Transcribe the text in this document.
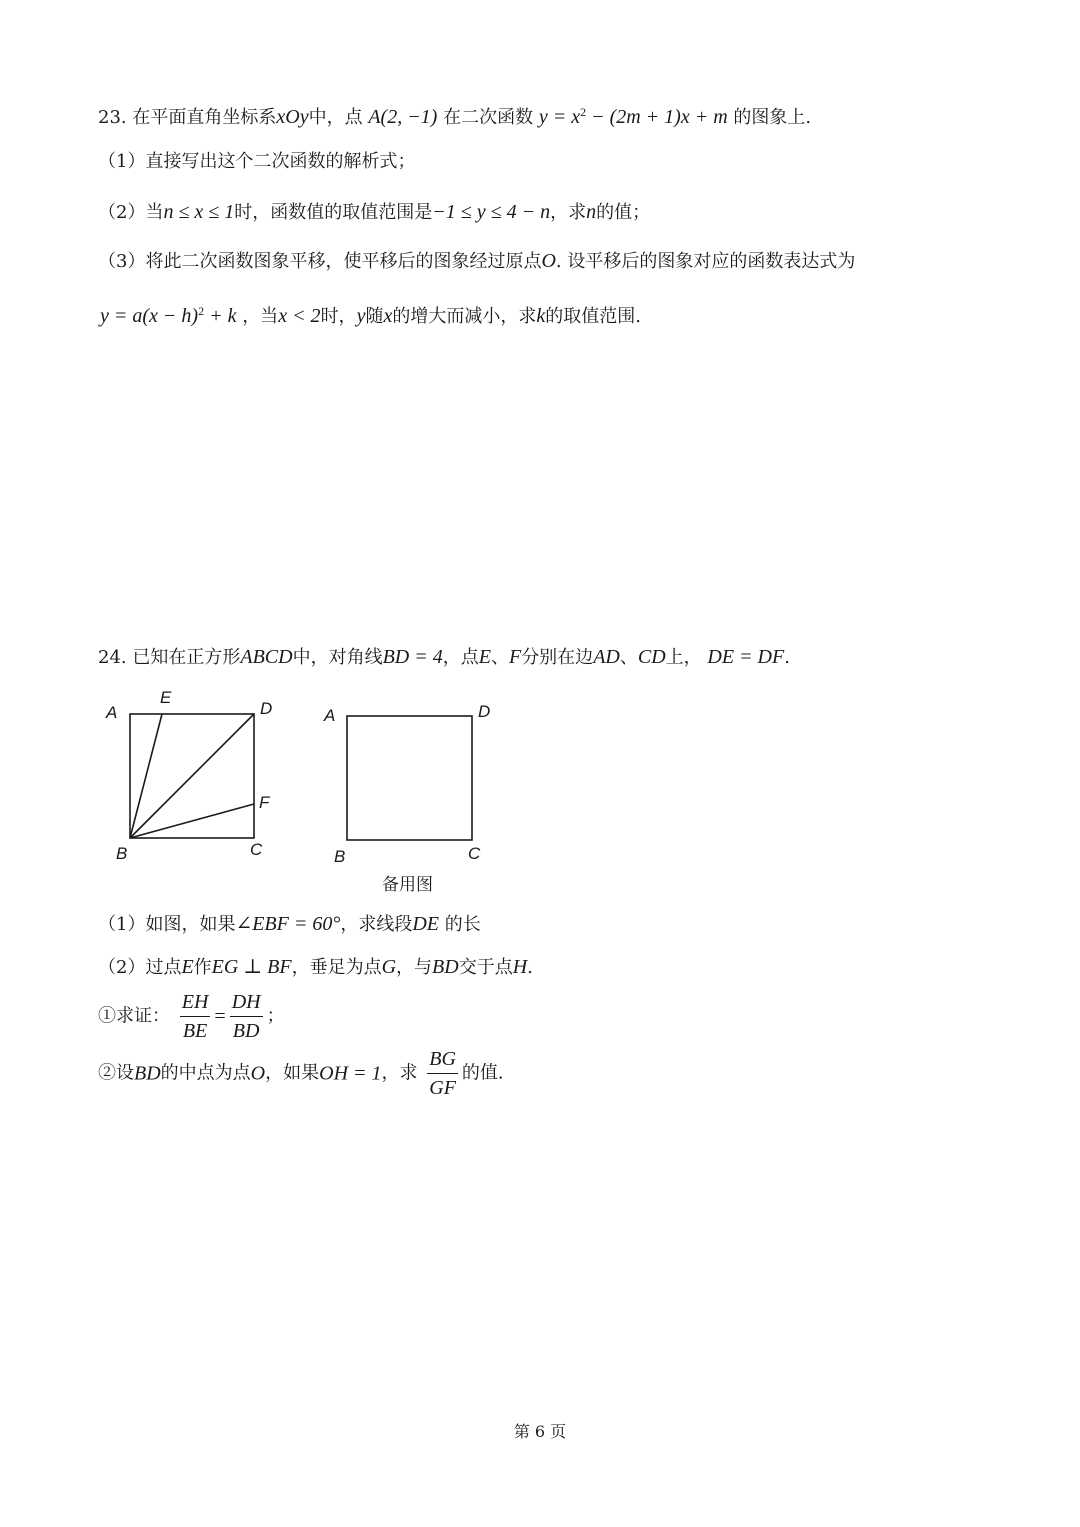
23. 在平面直角坐标系xOy中，点 A(2, −1) 在二次函数 $y = x^2 - (2m + 1)x + m$ 的图象上.
（1）直接写出这个二次函数的解析式；
（2）当n ≤ x ≤ 1时，函数值的取值范围是−1 ≤ y ≤ 4 − n，求n的值；
（3）将此二次函数图象平移，使平移后的图象经过原点O. 设平移后的图象对应的函数表达式为
$y = a(x - h)^2 + k$ ，当x < 2时，y随x的增大而减小，求k的取值范围.
24. 已知在正方形ABCD中，对角线BD = 4，点E、F分别在边AD、CD上， DE = DF.
A
E
D
F
B	C
A	D
B	C
备用图
（1）如图，如果∠EBF = 60°，求线段DE 的长
（2）过点E作EG ⊥ BF，垂足为点G，与BD交于点H.
①求证： $\frac{EH}{BE} = \frac{DH}{BD}$ ；
②设BD的中点为点O，如果OH = 1，求 $\frac{BG}{GF}$ 的值.
第 6 页
